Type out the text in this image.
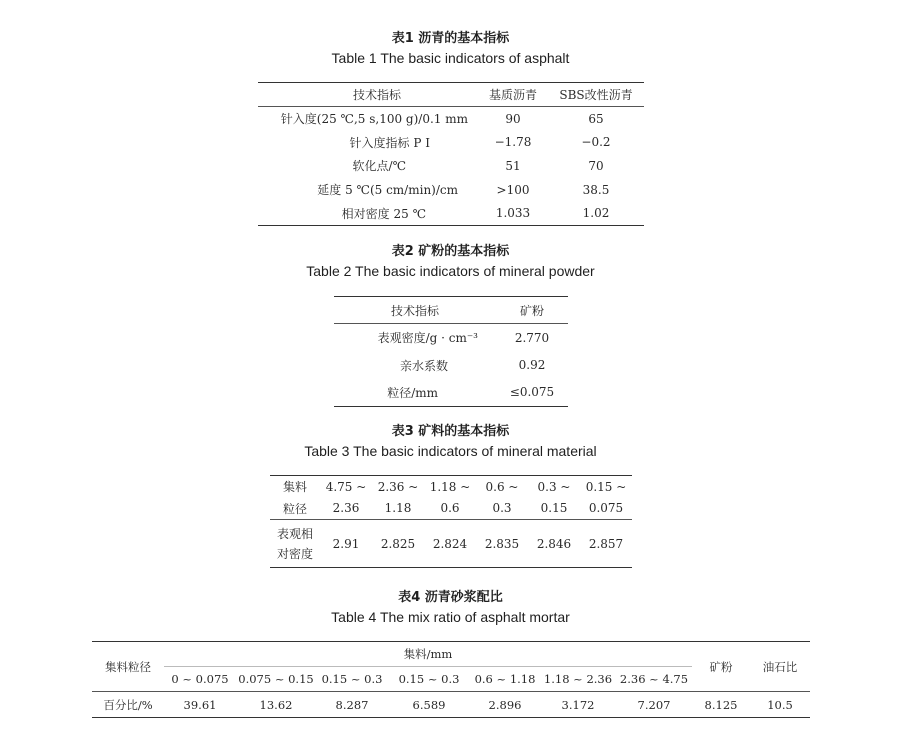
表1 沥青的基本指标
Table 1 The basic indicators of asphalt
技术指标	基质沥青	SBS改性沥青
针入度(25 ℃,5 s,100 g)/0.1 mm	90	65
针入度指标 P I	−1.78	−0.2
软化点/℃	51	70
延度 5 ℃(5 cm/min)/cm	>100	38.5
相对密度 25 ℃	1.033	1.02
表2 矿粉的基本指标
Table 2 The basic indicators of mineral powder
技术指标	矿粉
表观密度/g · cm⁻³	2.770
亲水系数	0.92
粒径/mm	≤0.075
表3 矿料的基本指标
Table 3 The basic indicators of mineral material
集料	4.75 ~	2.36 ~	1.18 ~	0.6 ~	0.3 ~	0.15 ~
粒径	2.36	1.18	0.6	0.3	0.15	0.075

表观相
对密度	2.91	2.825	2.824	2.835	2.846	2.857
表4 沥青砂浆配比
Table 4 The mix ratio of asphalt mortar
集料粒径	集料/mm							矿粉	油石比
	0 ~ 0.075	0.075 ~ 0.15	0.15 ~ 0.3	0.15 ~ 0.3	0.6 ~ 1.18	1.18 ~ 2.36	2.36 ~ 4.75		
百分比/%	39.61	13.62	8.287	6.589	2.896	3.172	7.207	8.125	10.5
